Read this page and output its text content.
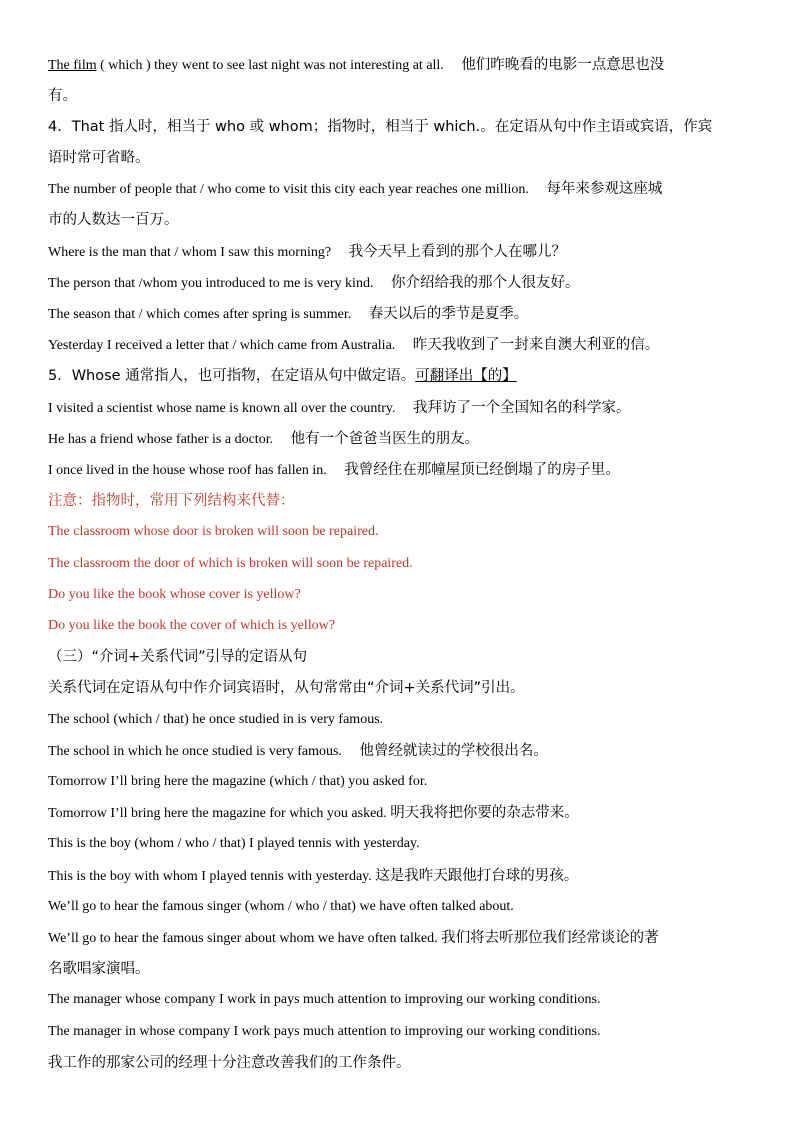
The film ( which ) they went to see last night was not interesting at all. 他们昨晚看的电影一点意思也没
有。
4．That 指人时，相当于 who 或 whom；指物时，相当于 which.。在定语从句中作主语或宾语，作宾
语时常可省略。
The number of people that / who come to visit this city each year reaches one million. 每年来参观这座城
市的人数达一百万。
Where is the man that / whom I saw this morning? 我今天早上看到的那个人在哪儿？
The person that /whom you introduced to me is very kind. 你介绍给我的那个人很友好。
The season that / which comes after spring is summer. 春天以后的季节是夏季。
Yesterday I received a letter that / which came from Australia. 昨天我收到了一封来自澳大利亚的信。
5．Whose 通常指人，也可指物，在定语从句中做定语。可翻译出【的】
I visited a scientist whose name is known all over the country. 我拜访了一个全国知名的科学家。
He has a friend whose father is a doctor. 他有一个爸爸当医生的朋友。
I once lived in the house whose roof has fallen in. 我曾经住在那幢屋顶已经倒塌了的房子里。
注意：指物时，常用下列结构来代替：
The classroom whose door is broken will soon be repaired.
The classroom the door of which is broken will soon be repaired.
Do you like the book whose cover is yellow?
Do you like the book the cover of which is yellow?
（三）“介词+关系代词”引导的定语从句
关系代词在定语从句中作介词宾语时，从句常常由“介词+关系代词”引出。
The school (which / that) he once studied in is very famous.
The school in which he once studied is very famous. 他曾经就读过的学校很出名。
Tomorrow I’ll bring here the magazine (which / that) you asked for.
Tomorrow I’ll bring here the magazine for which you asked. 明天我将把你要的杂志带来。
This is the boy (whom / who / that) I played tennis with yesterday.
This is the boy with whom I played tennis with yesterday. 这是我昨天跟他打台球的男孩。
We’ll go to hear the famous singer (whom / who / that) we have often talked about.
We’ll go to hear the famous singer about whom we have often talked. 我们将去听那位我们经常谈论的著
名歌唱家演唱。
The manager whose company I work in pays much attention to improving our working conditions.
The manager in whose company I work pays much attention to improving our working conditions.
我工作的那家公司的经理十分注意改善我们的工作条件。
